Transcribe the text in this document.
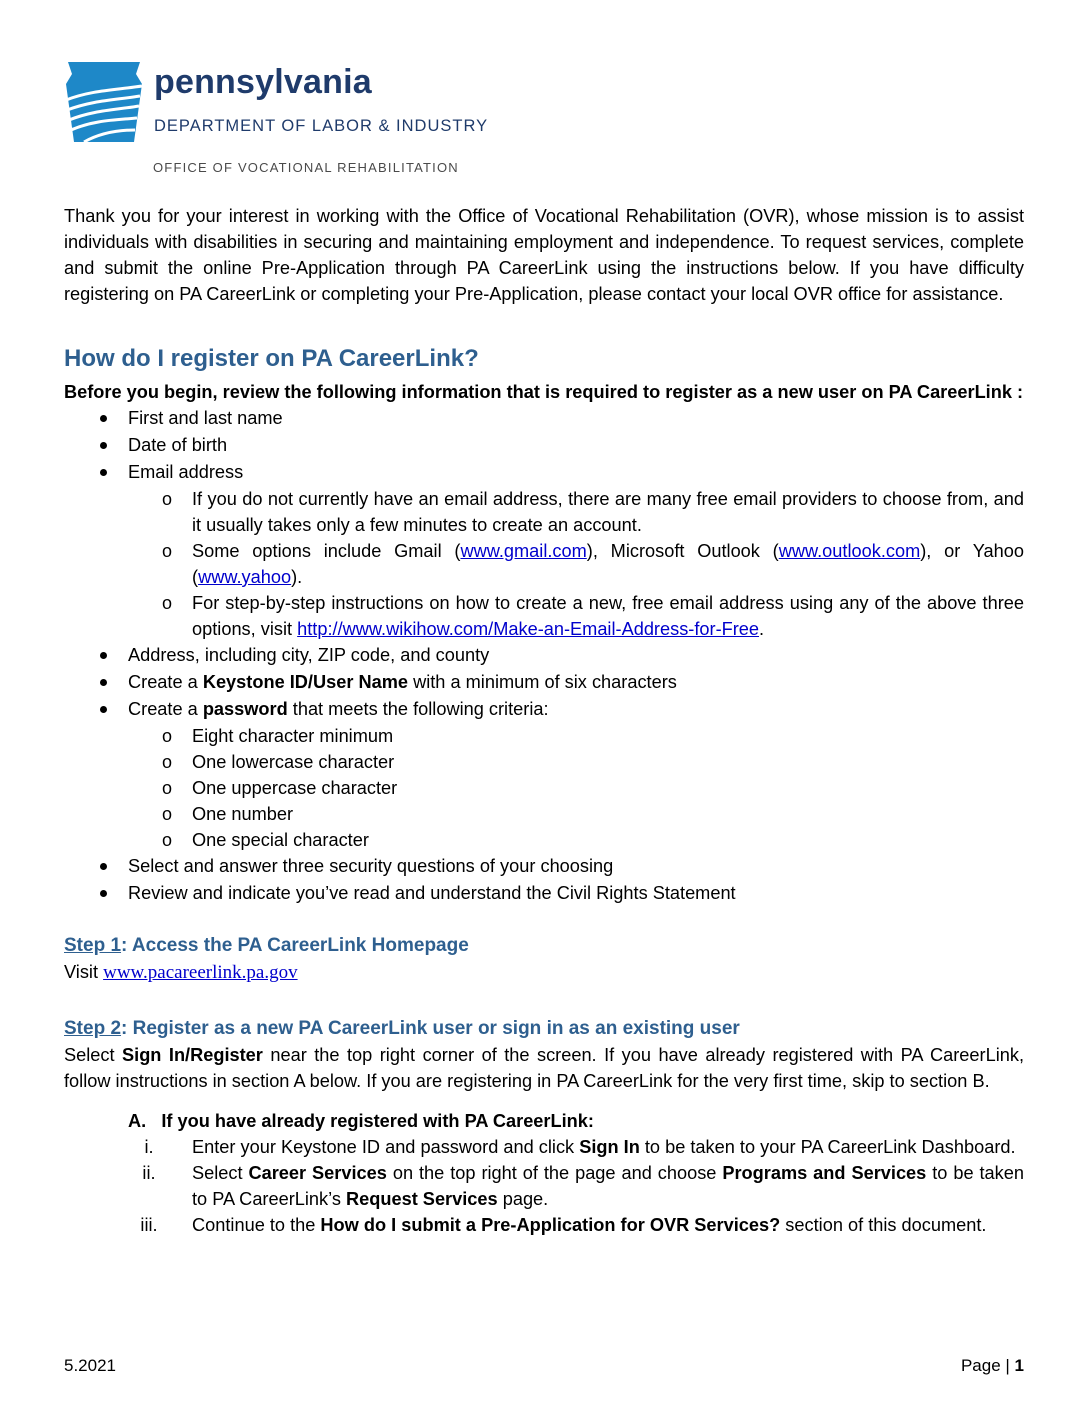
pennsylvania
DEPARTMENT OF LABOR & INDUSTRY
OFFICE OF VOCATIONAL REHABILITATION

Thank you for your interest in working with the Office of Vocational Rehabilitation (OVR), whose mission is to assist individuals with disabilities in securing and maintaining employment and independence. To request services, complete and submit the online Pre-Application through PA CareerLink using the instructions below. If you have difficulty registering on PA CareerLink or completing your Pre-Application, please contact your local OVR office for assistance.

How do I register on PA CareerLink?

Before you begin, review the following information that is required to register as a new user on PA CareerLink :

First and last name
Date of birth
Email address
o If you do not currently have an email address, there are many free email providers to choose from, and it usually takes only a few minutes to create an account.
o Some options include Gmail (www.gmail.com), Microsoft Outlook (www.outlook.com), or Yahoo (www.yahoo).
o For step-by-step instructions on how to create a new, free email address using any of the above three options, visit http://www.wikihow.com/Make-an-Email-Address-for-Free.
Address, including city, ZIP code, and county
Create a Keystone ID/User Name with a minimum of six characters
Create a password that meets the following criteria:
o Eight character minimum
o One lowercase character
o One uppercase character
o One number
o One special character
Select and answer three security questions of your choosing
Review and indicate you’ve read and understand the Civil Rights Statement
Step 1: Access the PA CareerLink Homepage

Visit www.pacareerlink.pa.gov

Step 2: Register as a new PA CareerLink user or sign in as an existing user

Select Sign In/Register near the top right corner of the screen. If you have already registered with PA CareerLink, follow instructions in section A below. If you are registering in PA CareerLink for the very first time, skip to section B.

A.   If you have already registered with PA CareerLink:
i.	Enter your Keystone ID and password and click Sign In to be taken to your PA CareerLink Dashboard.
ii.	Select Career Services on the top right of the page and choose Programs and Services to be taken to PA CareerLink’s Request Services page.
iii.	Continue to the How do I submit a Pre-Application for OVR Services? section of this document.
5.2021	Page | 1
